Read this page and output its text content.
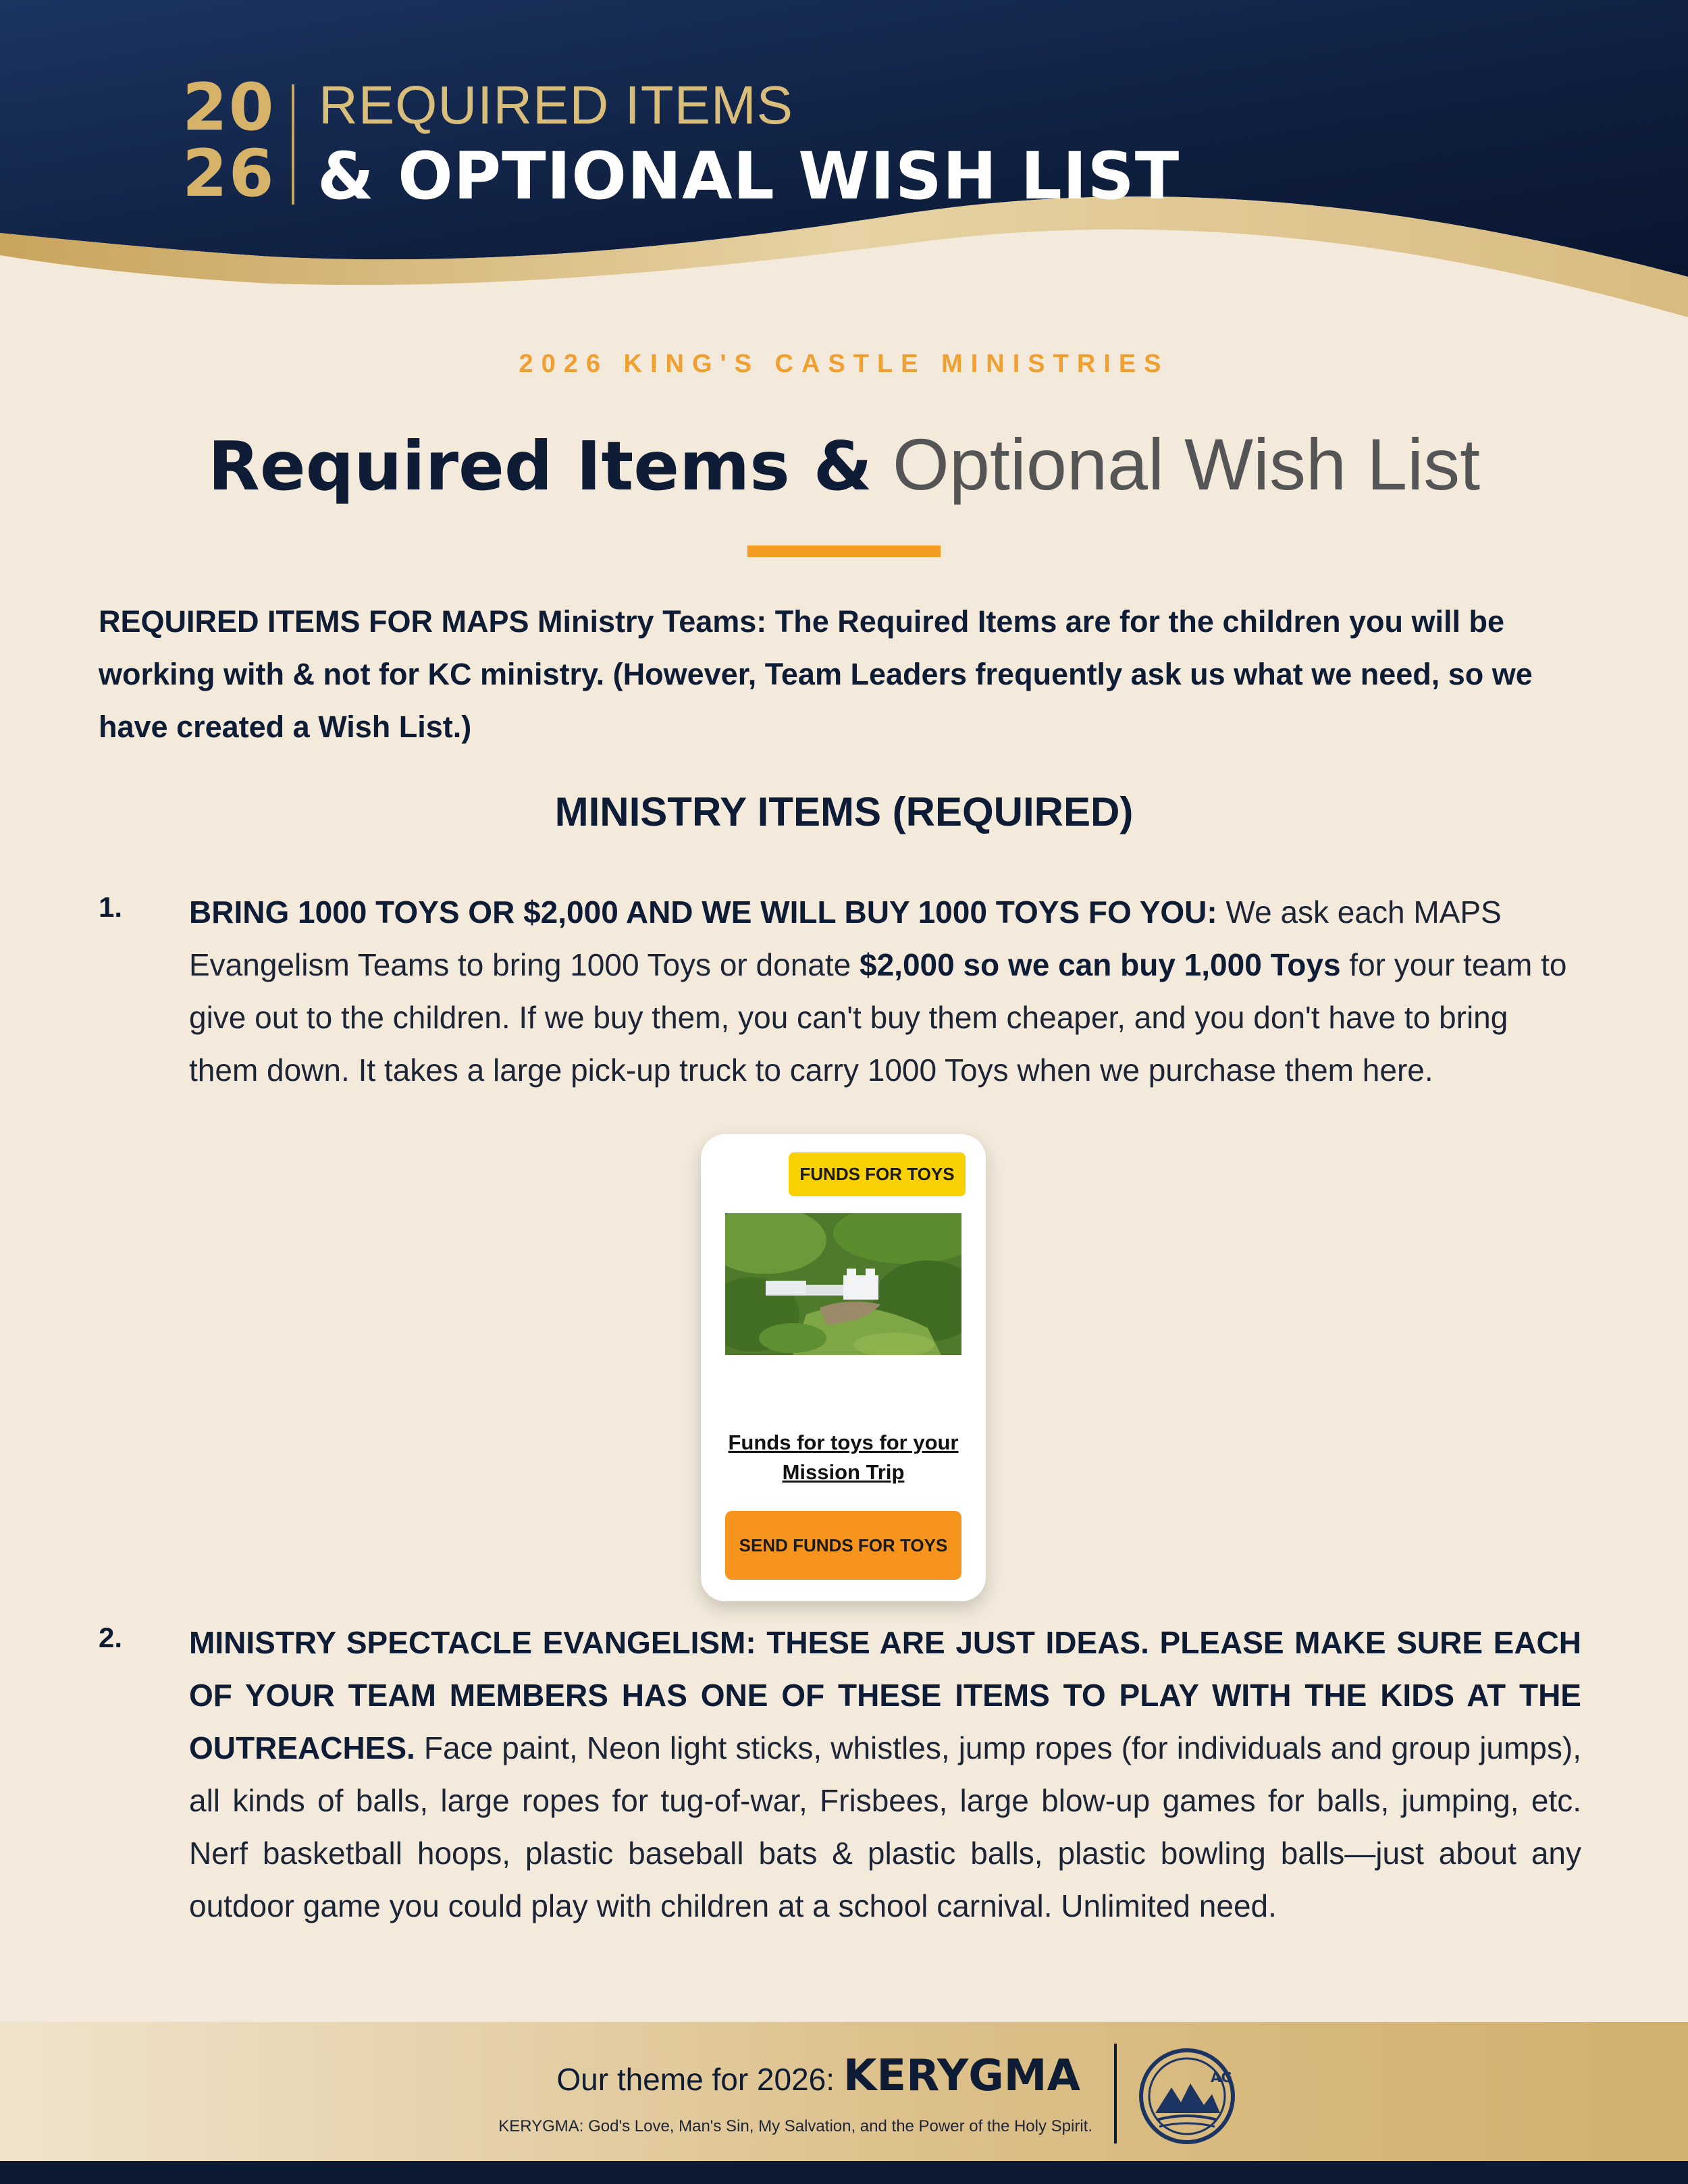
20
26
REQUIRED ITEMS
& OPTIONAL WISH LIST
2026 KING'S CASTLE MINISTRIES
Required Items & Optional Wish List
REQUIRED ITEMS FOR MAPS Ministry Teams: The Required Items are for the children you will be working with & not for KC ministry. (However, Team Leaders frequently ask us what we need, so we have created a Wish List.)
MINISTRY ITEMS (REQUIRED)
1. BRING 1000 TOYS OR $2,000 AND WE WILL BUY 1000 TOYS FO YOU: We ask each MAPS Evangelism Teams to bring 1000 Toys or donate $2,000 so we can buy 1,000 Toys for your team to give out to the children. If we buy them, you can't buy them cheaper, and you don't have to bring them down. It takes a large pick-up truck to carry 1000 Toys when we purchase them here.
FUNDS FOR TOYS
Funds for toys for your Mission Trip
SEND FUNDS FOR TOYS
2. MINISTRY SPECTACLE EVANGELISM: THESE ARE JUST IDEAS. PLEASE MAKE SURE EACH OF YOUR TEAM MEMBERS HAS ONE OF THESE ITEMS TO PLAY WITH THE KIDS AT THE OUTREACHES. Face paint, Neon light sticks, whistles, jump ropes (for individuals and group jumps), all kinds of balls, large ropes for tug-of-war, Frisbees, large blow-up games for balls, jumping, etc. Nerf basketball hoops, plastic baseball bats & plastic balls, plastic bowling balls—just about any outdoor game you could play with children at a school carnival. Unlimited need.
Our theme for 2026: KERYGMA
KERYGMA: God's Love, Man's Sin, My Salvation, and the Power of the Holy Spirit.
AG
